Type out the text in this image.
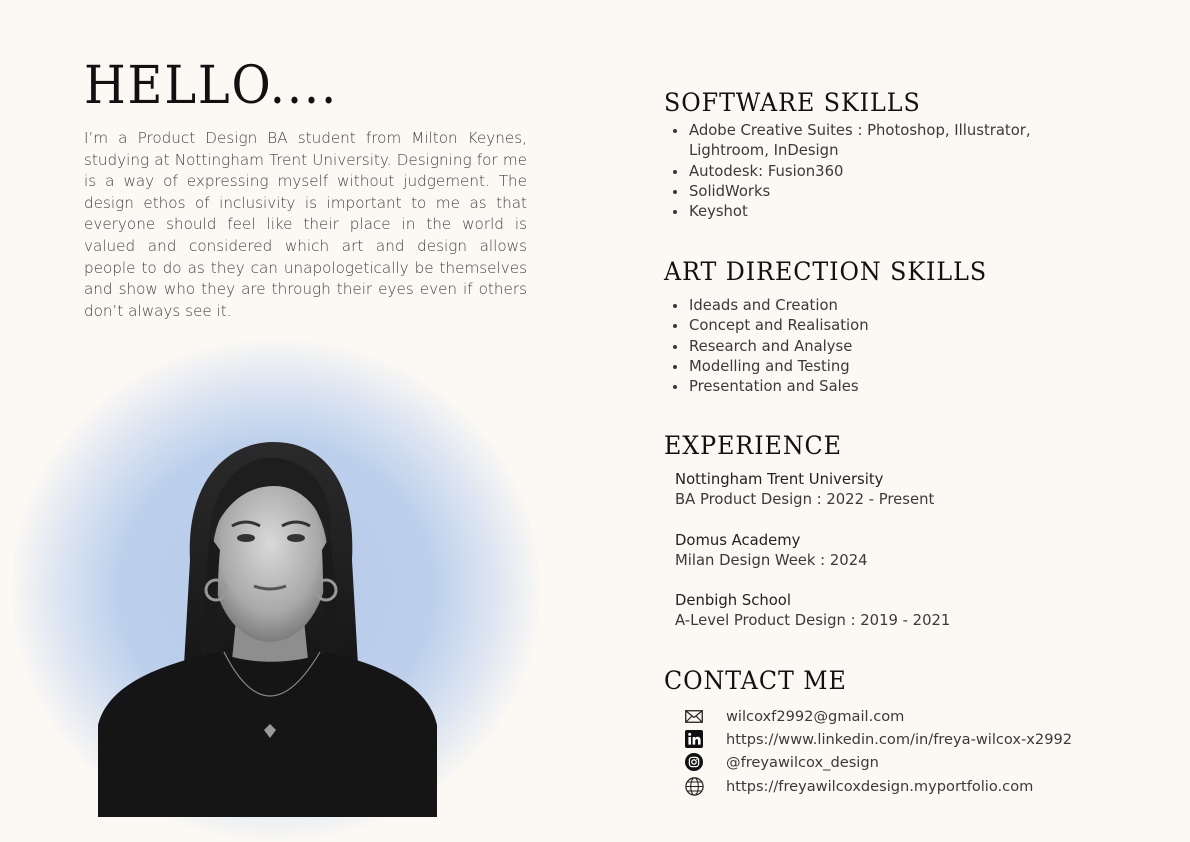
HELLO....

I’m a Product Design BA student from Milton Keynes, studying at Nottingham Trent University. Designing for me is a way of expressing myself without judgement. The design ethos of inclusivity is important to me as that everyone should feel like their place in the world is valued and considered which art and design allows people to do as they can unapologetically be themselves and show who they are through their eyes even if others don’t always see it.

SOFTWARE SKILLS
• Adobe Creative Suites : Photoshop, Illustrator, Lightroom, InDesign
• Autodesk: Fusion360
• SolidWorks
• Keyshot
ART DIRECTION SKILLS
• Ideads and Creation
• Concept and Realisation
• Research and Analyse
• Modelling and Testing
• Presentation and Sales
EXPERIENCE
Nottingham Trent University
BA Product Design : 2022 - Present
Domus Academy
Milan Design Week : 2024
Denbigh School
A-Level Product Design : 2019 - 2021
CONTACT ME
wilcoxf2992@gmail.com
https://www.linkedin.com/in/freya-wilcox-x2992
@freyawilcox_design
https://freyawilcoxdesign.myportfolio.com
